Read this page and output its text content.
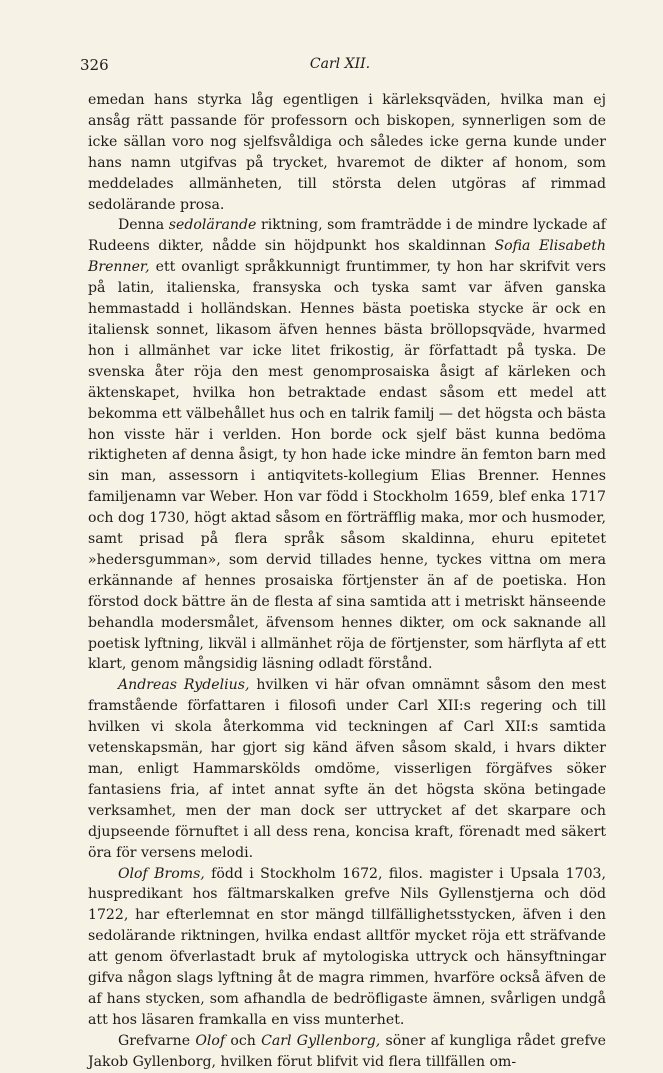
326	Carl XII.

emedan hans styrka låg egentligen i kärleksqväden, hvilka man ej ansåg rätt passande för professorn och biskopen, synnerligen som de icke sällan voro nog sjelfsvåldiga och således icke gerna kunde under hans namn utgifvas på trycket, hvaremot de dikter af honom, som meddelades allmänheten, till största delen utgöras af rimmad sedolärande prosa.

Denna sedolärande riktning, som framträdde i de mindre lyckade af Rudeens dikter, nådde sin höjdpunkt hos skaldinnan Sofia Elisabeth Brenner, ett ovanligt språkkunnigt fruntimmer, ty hon har skrifvit vers på latin, italienska, fransyska och tyska samt var äfven ganska hemmastadd i holländskan. Hennes bästa poetiska stycke är ock en italiensk sonnet, likasom äfven hennes bästa bröllopsqväde, hvarmed hon i allmänhet var icke litet frikostig, är författadt på tyska. De svenska åter röja den mest genomprosaiska åsigt af kärleken och äktenskapet, hvilka hon betraktade endast såsom ett medel att bekomma ett välbehållet hus och en talrik familj — det högsta och bästa hon visste här i verlden. Hon borde ock sjelf bäst kunna bedöma riktigheten af denna åsigt, ty hon hade icke mindre än femton barn med sin man, assessorn i antiqvitets-kollegium Elias Brenner. Hennes familjenamn var Weber. Hon var född i Stockholm 1659, blef enka 1717 och dog 1730, högt aktad såsom en förträfflig maka, mor och husmoder, samt prisad på flera språk såsom skaldinna, ehuru epitetet »hedersgumman», som dervid tillades henne, tyckes vittna om mera erkännande af hennes prosaiska förtjenster än af de poetiska. Hon förstod dock bättre än de flesta af sina samtida att i metriskt hänseende behandla modersmålet, äfvensom hennes dikter, om ock saknande all poetisk lyftning, likväl i allmänhet röja de förtjenster, som härflyta af ett klart, genom mångsidig läsning odladt förstånd.

Andreas Rydelius, hvilken vi här ofvan omnämnt såsom den mest framstående författaren i filosofi under Carl XII:s regering och till hvilken vi skola återkomma vid teckningen af Carl XII:s samtida vetenskapsmän, har gjort sig känd äfven såsom skald, i hvars dikter man, enligt Hammarskölds omdöme, visserligen förgäfves söker fantasiens fria, af intet annat syfte än det högsta sköna betingade verksamhet, men der man dock ser uttrycket af det skarpare och djupseende förnuftet i all dess rena, koncisa kraft, förenadt med säkert öra för versens melodi.

Olof Broms, född i Stockholm 1672, filos. magister i Upsala 1703, huspredikant hos fältmarskalken grefve Nils Gyllenstjerna och död 1722, har efterlemnat en stor mängd tillfällighetsstycken, äfven i den sedolärande riktningen, hvilka endast alltför mycket röja ett sträfvande att genom öfverlastadt bruk af mytologiska uttryck och hänsyftningar gifva någon slags lyftning åt de magra rimmen, hvarföre också äfven de af hans stycken, som afhandla de bedröfligaste ämnen, svårligen undgå att hos läsaren framkalla en viss munterhet.

Grefvarne Olof och Carl Gyllenborg, söner af kungliga rådet grefve Jakob Gyllenborg, hvilken förut blifvit vid flera tillfällen om-
